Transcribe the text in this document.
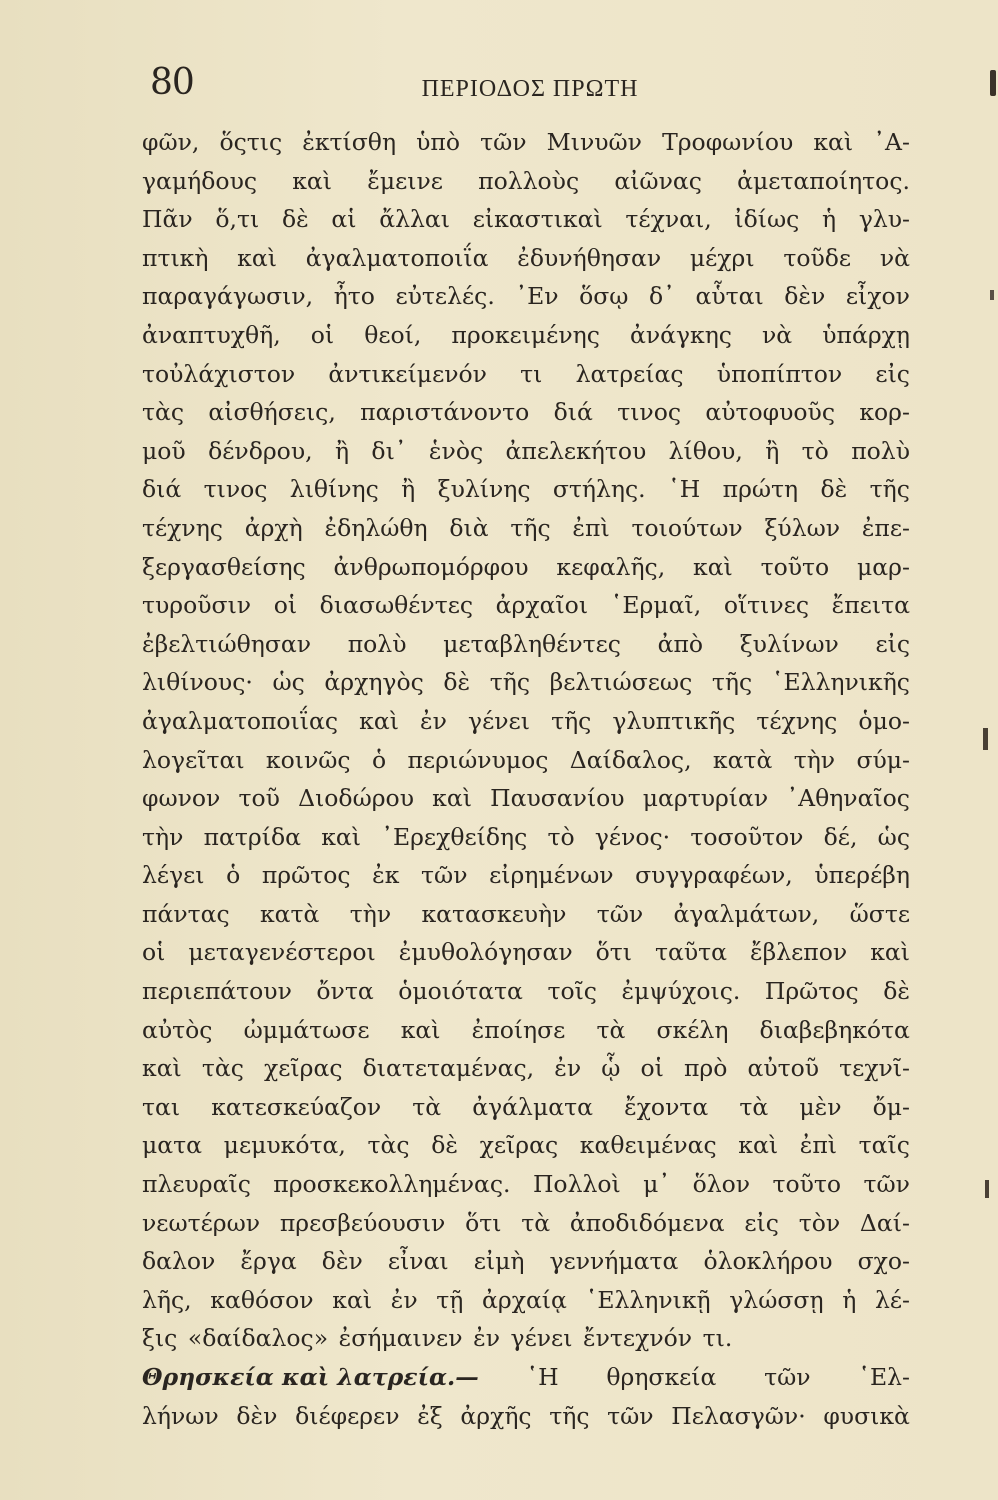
80	ΠΕΡΙΟΔΟΣ ΠΡΩΤΗ
φῶν, ὅςτις ἐκτίσθη ὑπὸ τῶν Μινυῶν Τροφωνίου καὶ ᾿Α-
γαμήδους καὶ ἔμεινε πολλοὺς αἰῶνας ἀμεταποίητος.
Πᾶν ὅ,τι δὲ αἱ ἄλλαι εἰκαστικαὶ τέχναι, ἰδίως ἡ γλυ-
πτικὴ καὶ ἀγαλματοποιΐα ἐδυνήθησαν μέχρι τοῦδε νὰ
παραγάγωσιν, ἦτο εὐτελές. ᾿Εν ὅσῳ δ᾿ αὗται δὲν εἶχον
ἀναπτυχθῆ, οἱ θεοί, προκειμένης ἀνάγκης νὰ ὑπάρχῃ
τοὐλάχιστον ἀντικείμενόν τι λατρείας ὑποπίπτον εἰς
τὰς αἰσθήσεις, παριστάνοντο διά τινος αὐτοφυοῦς κορ-
μοῦ δένδρου, ἢ δι᾿ ἑνὸς ἀπελεκήτου λίθου, ἢ τὸ πολὺ
διά τινος λιθίνης ἢ ξυλίνης στήλης. ῾Η πρώτη δὲ τῆς
τέχνης ἀρχὴ ἐδηλώθη διὰ τῆς ἐπὶ τοιούτων ξύλων ἐπε-
ξεργασθείσης ἀνθρωπομόρφου κεφαλῆς, καὶ τοῦτο μαρ-
τυροῦσιν οἱ διασωθέντες ἀρχαῖοι ῾Ερμαῖ, οἵτινες ἔπειτα
ἐβελτιώθησαν πολὺ μεταβληθέντες ἀπὸ ξυλίνων εἰς
λιθίνους· ὡς ἀρχηγὸς δὲ τῆς βελτιώσεως τῆς ῾Ελληνικῆς
ἀγαλματοποιΐας καὶ ἐν γένει τῆς γλυπτικῆς τέχνης ὁμο-
λογεῖται κοινῶς ὁ περιώνυμος Δαίδαλος, κατὰ τὴν σύμ-
φωνον τοῦ Διοδώρου καὶ Παυσανίου μαρτυρίαν ᾿Αθηναῖος
τὴν πατρίδα καὶ ᾿Ερεχθείδης τὸ γένος· τοσοῦτον δέ, ὡς
λέγει ὁ πρῶτος ἐκ τῶν εἰρημένων συγγραφέων, ὑπερέβη
πάντας κατὰ τὴν κατασκευὴν τῶν ἀγαλμάτων, ὥστε
οἱ μεταγενέστεροι ἐμυθολόγησαν ὅτι ταῦτα ἔβλεπον καὶ
περιεπάτουν ὄντα ὁμοιότατα τοῖς ἐμψύχοις. Πρῶτος δὲ
αὐτὸς ὠμμάτωσε καὶ ἐποίησε τὰ σκέλη διαβεβηκότα
καὶ τὰς χεῖρας διατεταμένας, ἐν ᾧ οἱ πρὸ αὐτοῦ τεχνῖ-
ται κατεσκεύαζον τὰ ἀγάλματα ἔχοντα τὰ μὲν ὄμ-
ματα μεμυκότα, τὰς δὲ χεῖρας καθειμένας καὶ ἐπὶ ταῖς
πλευραῖς προσκεκολλημένας. Πολλοὶ μ᾿ ὅλον τοῦτο τῶν
νεωτέρων πρεσβεύουσιν ὅτι τὰ ἀποδιδόμενα εἰς τὸν Δαί-
δαλον ἔργα δὲν εἶναι εἰμὴ γεννήματα ὁλοκλήρου σχο-
λῆς, καθόσον καὶ ἐν τῇ ἀρχαίᾳ ῾Ελληνικῇ γλώσσῃ ἡ λέ-
ξις «δαίδαλος» ἐσήμαινεν ἐν γένει ἔντεχνόν τι.
Θρησκεία καὶ λατρεία.— ῾Η θρησκεία τῶν ῾Ελ-
λήνων δὲν διέφερεν ἐξ ἀρχῆς τῆς τῶν Πελασγῶν· φυσικὰ
